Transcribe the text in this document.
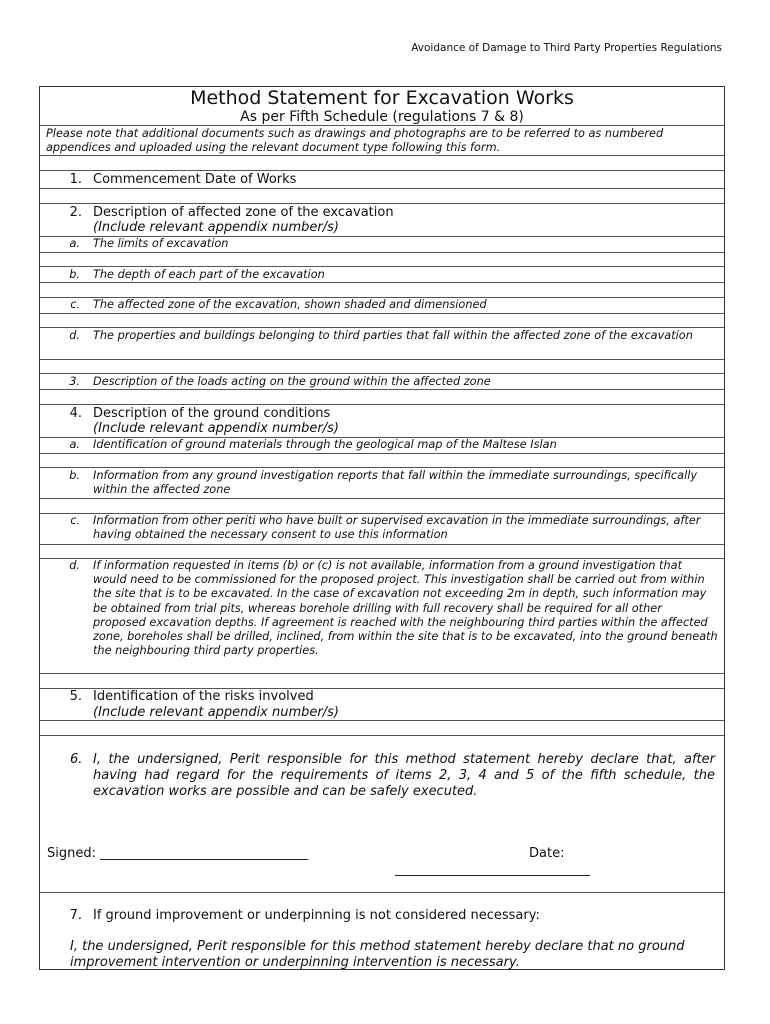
Avoidance of Damage to Third Party Properties Regulations
Method Statement for Excavation Works
As per Fifth Schedule (regulations 7 & 8)
Please note that additional documents such as drawings and photographs are to be referred to as numbered appendices and uploaded using the relevant document type following this form.
1. Commencement Date of Works
2. Description of affected zone of the excavation
(Include relevant appendix number/s)
a. The limits of excavation
b. The depth of each part of the excavation
c. The affected zone of the excavation, shown shaded and dimensioned
d. The properties and buildings belonging to third parties that fall within the affected zone of the excavation
3. Description of the loads acting on the ground within the affected zone
4. Description of the ground conditions
(Include relevant appendix number/s)
a. Identification of ground materials through the geological map of the Maltese Islan
b. Information from any ground investigation reports that fall within the immediate surroundings, specifically within the affected zone
c. Information from other periti who have built or supervised excavation in the immediate surroundings, after having obtained the necessary consent to use this information
d. If information requested in items (b) or (c) is not available, information from a ground investigation that would need to be commissioned for the proposed project. This investigation shall be carried out from within the site that is to be excavated. In the case of excavation not exceeding 2m in depth, such information may be obtained from trial pits, whereas borehole drilling with full recovery shall be required for all other proposed excavation depths. If agreement is reached with the neighbouring third parties within the affected zone, boreholes shall be drilled, inclined, from within the site that is to be excavated, into the ground beneath the neighbouring third party properties.
5. Identification of the risks involved
(Include relevant appendix number/s)
6. I, the undersigned, Perit responsible for this method statement hereby declare that, after having had regard for the requirements of items 2, 3, 4 and 5 of the fifth schedule, the excavation works are possible and can be safely executed.
Signed: ________________________________	Date:
______________________________
7. If ground improvement or underpinning is not considered necessary:
I, the undersigned, Perit responsible for this method statement hereby declare that no ground improvement intervention or underpinning intervention is necessary.
